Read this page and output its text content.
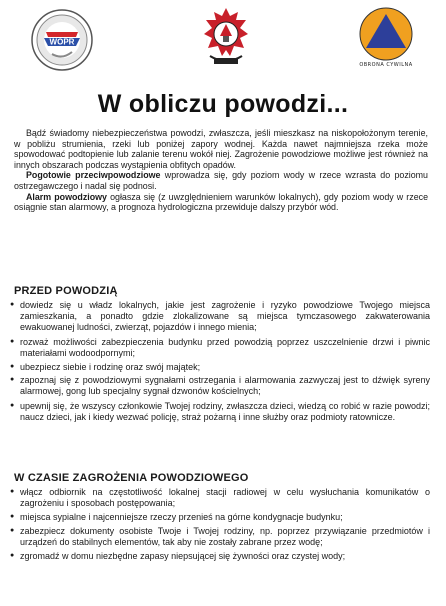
WOPR
OBRONA CYWILNA
W obliczu powodzi...

Bądź świadomy niebezpieczeństwa powodzi, zwłaszcza, jeśli mieszkasz na niskopołożonym terenie, w pobliżu strumienia, rzeki lub poniżej zapory wodnej. Każda nawet najmniejsza rzeka może spowodować podtopienie lub zalanie terenu wokół niej. Zagrożenie powodziowe możliwe jest również na innych obszarach podczas wystąpienia obfitych opadów.

Pogotowie przeciwpowodziowe wprowadza się, gdy poziom wody w rzece wzrasta do poziomu ostrzegawczego i nadal się podnosi.

Alarm powodziowy ogłasza się (z uwzględnieniem warunków lokalnych), gdy poziom wody w rzece osiągnie stan alarmowy, a prognoza hydrologiczna przewiduje dalszy przybór wód.

PRZED POWODZIĄ
● dowiedz się u władz lokalnych, jakie jest zagrożenie i ryzyko powodziowe Twojego miejsca zamieszkania, a ponadto gdzie zlokalizowane są miejsca tymczasowego zakwaterowania ewakuowanej ludności, zwierząt, pojazdów i innego mienia;
● rozważ możliwości zabezpieczenia budynku przed powodzią poprzez uszczelnienie drzwi i piwnic materiałami wodoodpornymi;
● ubezpiecz siebie i rodzinę oraz swój majątek;
● zapoznaj się z powodziowymi sygnałami ostrzegania i alarmowania zazwyczaj jest to dźwięk syreny alarmowej, gong lub specjalny sygnał dzwonów kościelnych;
● upewnij się, że wszyscy członkowie Twojej rodziny, zwłaszcza dzieci, wiedzą co robić w razie powodzi; naucz dzieci, jak i kiedy wezwać policję, straż pożarną i inne służby oraz podmioty ratownicze.
W CZASIE ZAGROŻENIA POWODZIOWEGO
● włącz odbiornik na częstotliwość lokalnej stacji radiowej w celu wysłuchania komunikatów o zagrożeniu i sposobach postępowania;
● miejsca sypialne i najcenniejsze rzeczy przenieś na górne kondygnacje budynku;
● zabezpiecz dokumenty osobiste Twoje i Twojej rodziny, np. poprzez przywiązanie przedmiotów i urządzeń do stabilnych elementów, tak aby nie zostały zabrane przez wodę;
● zgromadź w domu niezbędne zapasy niepsującej się żywności oraz czystej wody;
